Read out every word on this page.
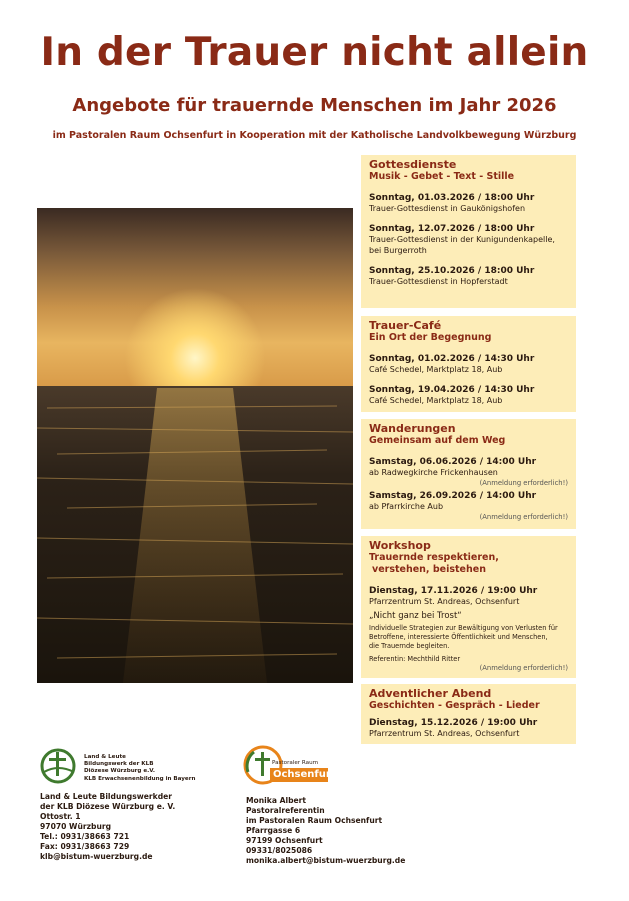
In der Trauer nicht allein
Angebote für trauernde Menschen im Jahr 2026
im Pastoralen Raum Ochsenfurt in Kooperation mit der Katholische Landvolkbewegung Würzburg
Gottesdienste
Musik - Gebet - Text - Stille
Sonntag, 01.03.2026 / 18:00 Uhr
Trauer-Gottesdienst in Gaukönigshofen
Sonntag, 12.07.2026 / 18:00 Uhr
Trauer-Gottesdienst in der Kunigundenkapelle,
bei Burgerroth
Sonntag, 25.10.2026 / 18:00 Uhr
Trauer-Gottesdienst in Hopferstadt
Trauer-Café
Ein Ort der Begegnung
Sonntag, 01.02.2026 / 14:30 Uhr
Café Schedel, Marktplatz 18, Aub
Sonntag, 19.04.2026 / 14:30 Uhr
Café Schedel, Marktplatz 18, Aub
Wanderungen
Gemeinsam auf dem Weg
Samstag, 06.06.2026 / 14:00 Uhr
ab Radwegkirche Frickenhausen
(Anmeldung erforderlich!)
Samstag, 26.09.2026 / 14:00 Uhr
ab Pfarrkirche Aub
(Anmeldung erforderlich!)
Workshop
Trauernde respektieren,
verstehen, beistehen
Dienstag, 17.11.2026 / 19:00 Uhr
Pfarrzentrum St. Andreas, Ochsenfurt
„Nicht ganz bei Trost“
Individuelle Strategien zur Bewältigung von Verlusten für
Betroffene, interessierte Öffentlichkeit und Menschen,
die Trauernde begleiten.
Referentin: Mechthild Ritter
(Anmeldung erforderlich!)
Adventlicher Abend
Geschichten - Gespräch - Lieder
Dienstag, 15.12.2026 / 19:00 Uhr
Pfarrzentrum St. Andreas, Ochsenfurt
Land & Leute
Bildungswerk der KLB
Diözese Würzburg e.V.
KLB Erwachsenenbildung in Bayern
Land & Leute Bildungswerkder
der KLB Diözese Würzburg e. V.
Ottostr. 1
97070 Würzburg
Tel.: 0931/38663 721
Fax: 0931/38663 729
klb@bistum-wuerzburg.de
Pastoraler Raum
Ochsenfurt
Monika Albert
Pastoralreferentin
im Pastoralen Raum Ochsenfurt
Pfarrgasse 6
97199 Ochsenfurt
09331/8025086
monika.albert@bistum-wuerzburg.de
